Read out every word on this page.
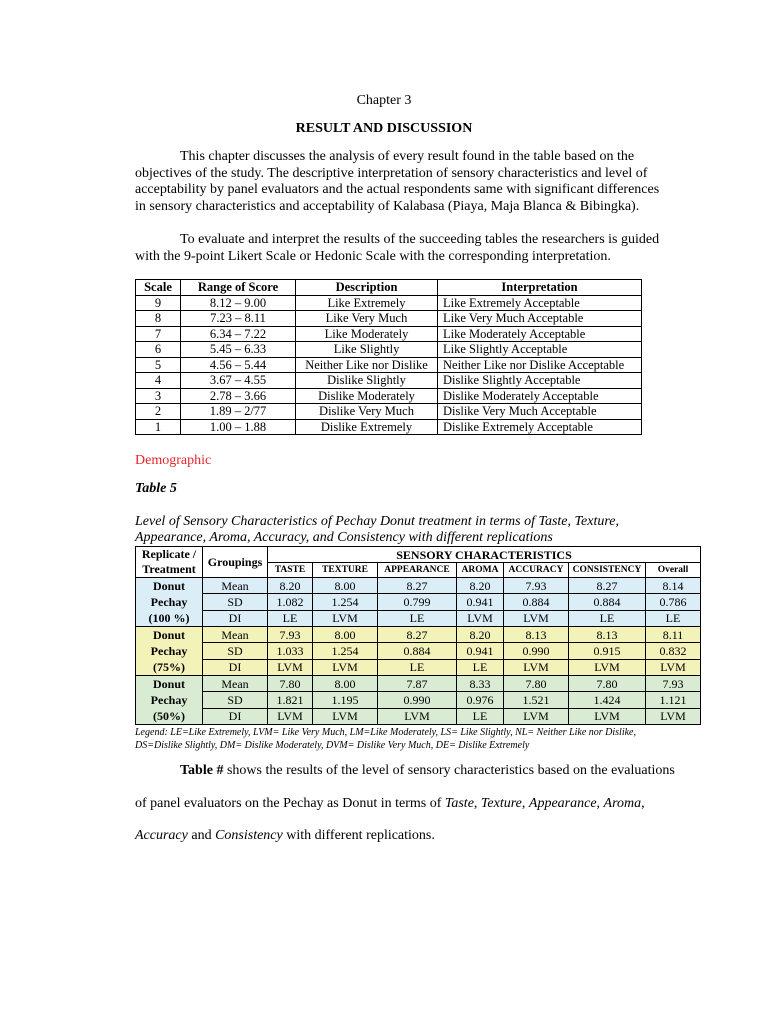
Chapter 3
RESULT AND DISCUSSION
This chapter discusses the analysis of every result found in the table based on the objectives of the study. The descriptive interpretation of sensory characteristics and level of acceptability by panel evaluators and the actual respondents same with significant differences in sensory characteristics and acceptability of Kalabasa (Piaya, Maja Blanca & Bibingka).
To evaluate and interpret the results of the succeeding tables the researchers is guided with the 9-point Likert Scale or Hedonic Scale with the corresponding interpretation.
Scale	Range of Score	Description	Interpretation
9	8.12 – 9.00	Like Extremely	Like Extremely Acceptable
8	7.23 – 8.11	Like Very Much	Like Very Much Acceptable
7	6.34 – 7.22	Like Moderately	Like Moderately Acceptable
6	5.45 – 6.33	Like Slightly	Like Slightly Acceptable
5	4.56 – 5.44	Neither Like nor Dislike	Neither Like nor Dislike Acceptable
4	3.67 – 4.55	Dislike Slightly	Dislike Slightly Acceptable
3	2.78 – 3.66	Dislike Moderately	Dislike Moderately Acceptable
2	1.89 – 2/77	Dislike Very Much	Dislike Very Much Acceptable
1	1.00 – 1.88	Dislike Extremely	Dislike Extremely Acceptable
Demographic
Table 5
Level of Sensory Characteristics of Pechay Donut treatment in terms of Taste, Texture, Appearance, Aroma, Accuracy, and Consistency with different replications
Replicate /
Treatment	Groupings	SENSORY CHARACTERISTICS						
		TASTE	TEXTURE	APPEARANCE	AROMA	ACCURACY	CONSISTENCY	Overall
Donut
Pechay
(100 %)	Mean	8.20	8.00	8.27	8.20	7.93	8.27	8.14
	SD	1.082	1.254	0.799	0.941	0.884	0.884	0.786
	DI	LE	LVM	LE	LVM	LVM	LE	LE
Donut
Pechay
(75%)	Mean	7.93	8.00	8.27	8.20	8.13	8.13	8.11
	SD	1.033	1.254	0.884	0.941	0.990	0.915	0.832
	DI	LVM	LVM	LE	LE	LVM	LVM	LVM
Donut
Pechay
(50%)	Mean	7.80	8.00	7.87	8.33	7.80	7.80	7.93
	SD	1.821	1.195	0.990	0.976	1.521	1.424	1.121
	DI	LVM	LVM	LVM	LE	LVM	LVM	LVM
Legend: LE=Like Extremely, LVM= Like Very Much, LM=Like Moderately, LS= Like Slightly, NL= Neither Like nor Dislike, DS=Dislike Slightly, DM= Dislike Moderately, DVM= Dislike Very Much, DE= Dislike Extremely
Table # shows the results of the level of sensory characteristics based on the evaluations
of panel evaluators on the Pechay as Donut in terms of Taste, Texture, Appearance, Aroma,
Accuracy and Consistency with different replications.
